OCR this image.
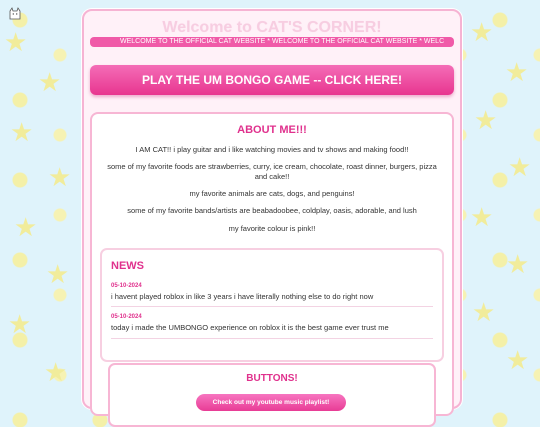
★
★
★
★
★
★
★
★
★
★
★
★
★
★
★
★
Welcome to CAT'S CORNER!
WELCOME TO THE OFFICIAL CAT WEBSITE * WELCOME TO THE OFFICIAL CAT WEBSITE * WELC
PLAY THE UM BONGO GAME -- CLICK HERE!
ABOUT ME!!!

I AM CAT!! i play guitar and i like watching movies and tv shows and making food!!

some of my favorite foods are strawberries, curry, ice cream, chocolate, roast dinner, burgers, pizza and cake!!

my favorite animals are cats, dogs, and penguins!

some of my favorite bands/artists are beabadoobee, coldplay, oasis, adorable, and lush

my favorite colour is pink!!

NEWS
05-10-2024
i havent played roblox in like 3 years i have literally nothing else to do right now
05-10-2024
today i made the UMBONGO experience on roblox it is the best game ever trust me
BUTTONS!
Check out my youtube music playlist!
